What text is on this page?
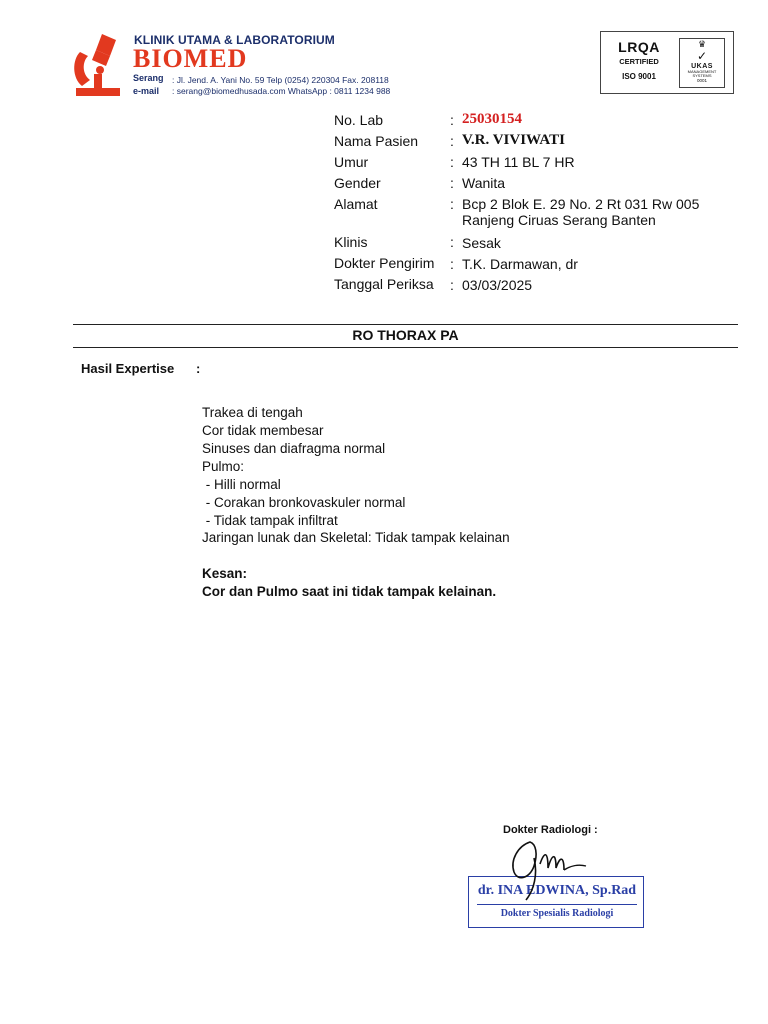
KLINIK UTAMA & LABORATORIUM
BIOMED
Serang : Jl. Jend. A. Yani No. 59 Telp (0254) 220304 Fax. 208118
e-mail : serang@biomedhusada.com WhatsApp : 0811 1234 988
LRQA
CERTIFIED
ISO 9001
♛
✓
UKAS
MANAGEMENT SYSTEMS
0001
No. Lab	: 25030154
Nama Pasien : V.R. VIVIWATI
Umur	: 43 TH 11 BL 7 HR
Gender	: Wanita
Alamat	: Bcp 2 Blok E. 29 No. 2 Rt 031 Rw 005
Ranjeng Ciruas Serang Banten
Klinis	: Sesak
Dokter Pengirim : T.K. Darmawan, dr
Tanggal Periksa : 03/03/2025
RO THORAX PA
Hasil Expertise :
Trakea di tengah
Cor tidak membesar
Sinuses dan diafragma normal
Pulmo:
- Hilli normal
- Corakan bronkovaskuler normal
- Tidak tampak infiltrat
Jaringan lunak dan Skeletal: Tidak tampak kelainan
Kesan:
Cor dan Pulmo saat ini tidak tampak kelainan.
Dokter Radiologi :
dr. INA EDWINA, Sp.Rad
Dokter Spesialis Radiologi
